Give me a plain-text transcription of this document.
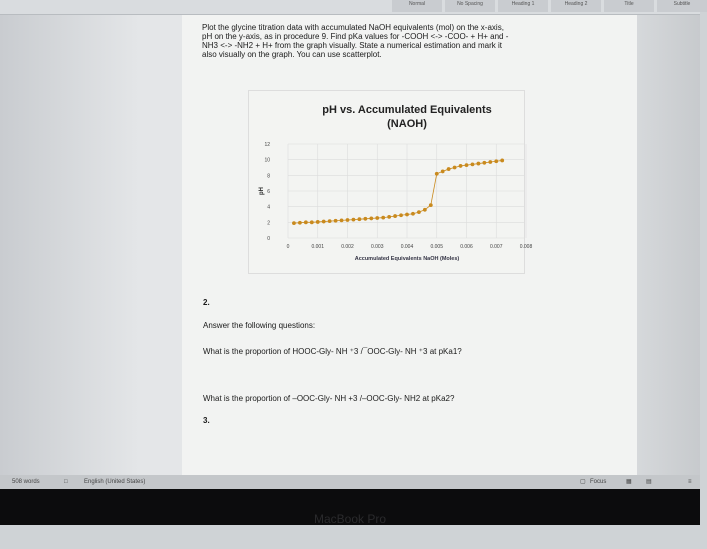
Normal	No Spacing	Heading 1	Heading 2	Title	Subtitle
Plot the glycine titration data with accumulated NaOH equivalents (mol) on the x-axis,
pH on the y-axis, as in procedure 9. Find pKa values for -COOH <-> -COO- + H+ and -
NH3 <-> -NH2 + H+ from the graph visually. State a numerical estimation and mark it
also visually on the graph. You can use scatterplot.
pH vs. Accumulated Equivalents
(NAOH)
0
2
4
6
8
10
12
0	0.001	0.002	0.003	0.004	0.005	0.006	0.007	0.008
Accumulated Equivalents NaOH (Moles)
pH
2.
Answer the following questions:
What is the proportion of HOOC-Gly- NH ⁺3 /¯OOC-Gly- NH ⁺3 at pKa1?
What is the proportion of –OOC-Gly- NH +3 /–OOC-Gly- NH2 at pKa2?
3.
508 words	□	English (United States)	▢ Focus	▦ ▤	≡
MacBook Pro
